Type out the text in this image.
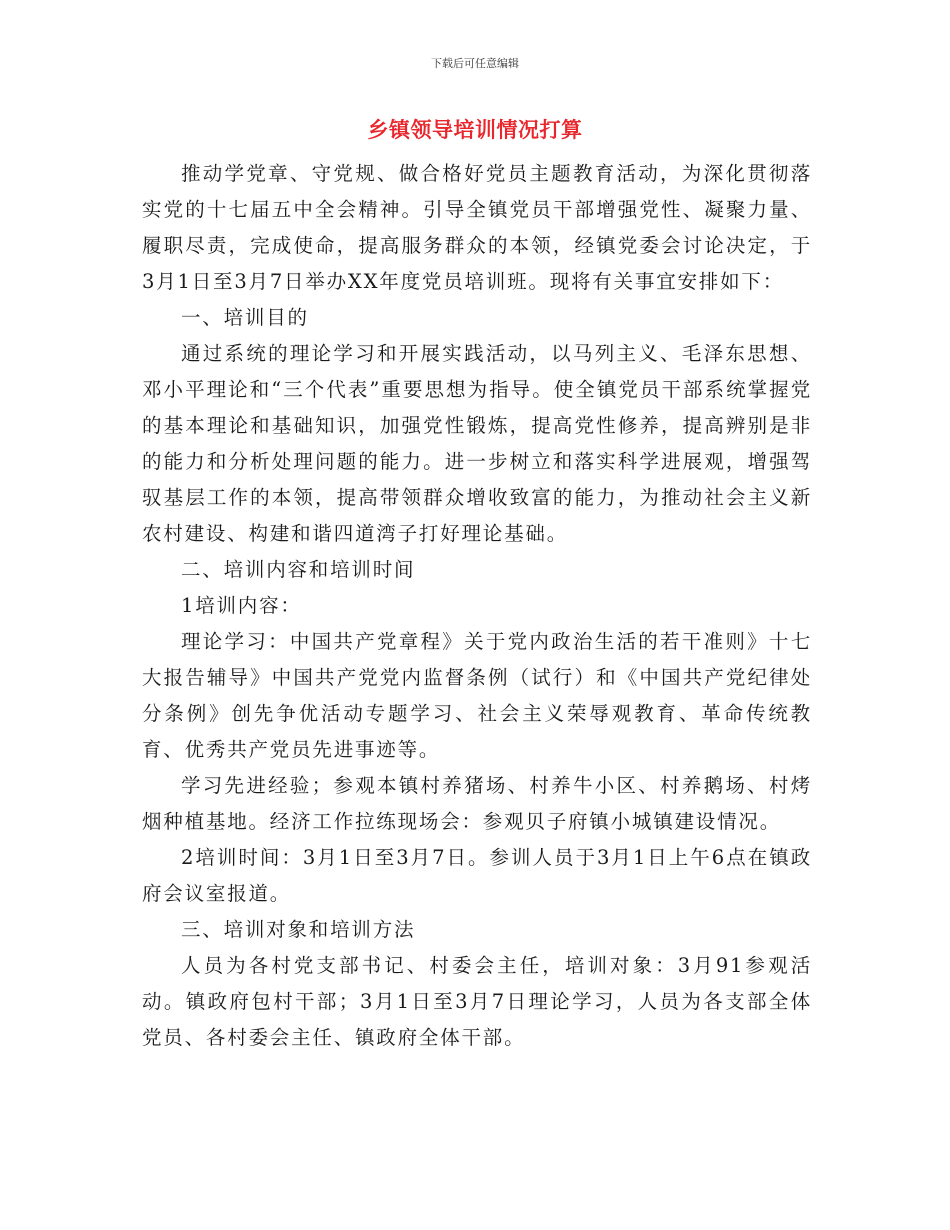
下载后可任意编辑
乡镇领导培训情况打算

推动学党章、守党规、做合格好党员主题教育活动，为深化贯彻落实党的十七届五中全会精神。引导全镇党员干部增强党性、凝聚力量、履职尽责，完成使命，提高服务群众的本领，经镇党委会讨论决定，于3月1日至3月7日举办XX年度党员培训班。现将有关事宜安排如下：

一、培训目的

通过系统的理论学习和开展实践活动，以马列主义、毛泽东思想、邓小平理论和“三个代表”重要思想为指导。使全镇党员干部系统掌握党的基本理论和基础知识，加强党性锻炼，提高党性修养，提高辨别是非的能力和分析处理问题的能力。进一步树立和落实科学进展观，增强驾驭基层工作的本领，提高带领群众增收致富的能力，为推动社会主义新农村建设、构建和谐四道湾子打好理论基础。

二、培训内容和培训时间

1培训内容：

理论学习：中国共产党章程》关于党内政治生活的若干准则》十七大报告辅导》中国共产党党内监督条例（试行）和《中国共产党纪律处分条例》创先争优活动专题学习、社会主义荣辱观教育、革命传统教育、优秀共产党员先进事迹等。

学习先进经验；参观本镇村养猪场、村养牛小区、村养鹅场、村烤烟种植基地。经济工作拉练现场会：参观贝子府镇小城镇建设情况。

2培训时间：3月1日至3月7日。参训人员于3月1日上午6点在镇政府会议室报道。

三、培训对象和培训方法

人员为各村党支部书记、村委会主任，培训对象：3月91参观活动。镇政府包村干部；3月1日至3月7日理论学习，人员为各支部全体党员、各村委会主任、镇政府全体干部。
